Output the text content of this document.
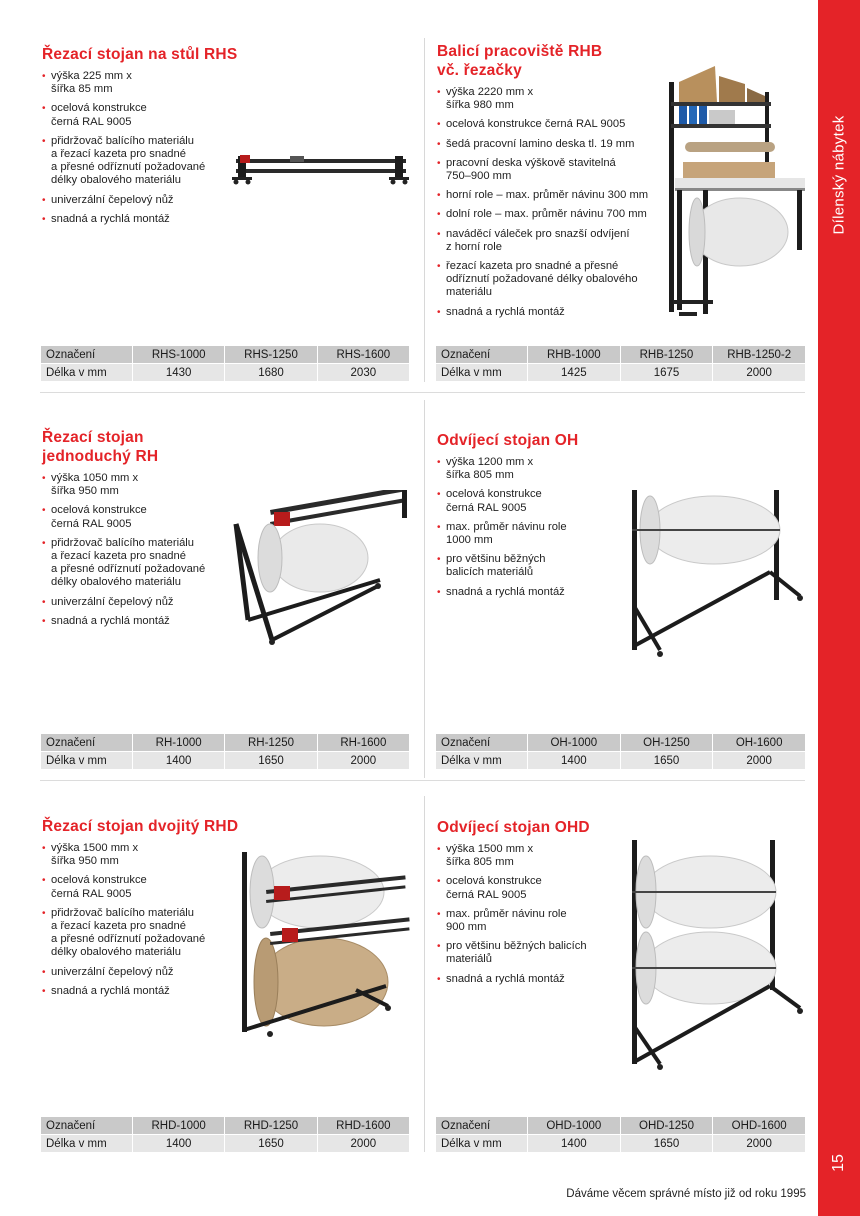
Dílenský nábytek
15
Řezací stojan na stůl RHS
• výška 225 mm x
šířka 85 mm
• ocelová konstrukce
černá RAL 9005
• přidržovač balícího materiálu
a řezací kazeta pro snadné
a přesné odříznutí požadované
délky obalového materiálu
• univerzální čepelový nůž
• snadná a rychlá montáž
Označení	RHS-1000	RHS-1250	RHS-1600
Délka v mm	1430	1680	2030
Balicí pracoviště RHB
vč. řezačky
• výška 2220 mm x
šířka 980 mm
• ocelová konstrukce černá RAL 9005
• šedá pracovní lamino deska tl. 19 mm
• pracovní deska výškově stavitelná
750–900 mm
• horní role – max. průměr návinu 300 mm
• dolní role – max. průměr návinu 700 mm
• naváděcí váleček pro snazší odvíjení
z horní role
• řezací kazeta pro snadné a přesné
odříznutí požadované délky obalového
materiálu
• snadná a rychlá montáž
Označení	RHB-1000	RHB-1250	RHB-1250-2
Délka v mm	1425	1675	2000
Řezací stojan
jednoduchý RH
• výška 1050 mm x
šířka 950 mm
• ocelová konstrukce
černá RAL 9005
• přidržovač balícího materiálu
a řezací kazeta pro snadné
a přesné odříznutí požadované
délky obalového materiálu
• univerzální čepelový nůž
• snadná a rychlá montáž
Označení	RH-1000	RH-1250	RH-1600
Délka v mm	1400	1650	2000
Odvíjecí stojan OH
• výška 1200 mm x
šířka 805 mm
• ocelová konstrukce
černá RAL 9005
• max. průměr návinu role
1000 mm
• pro většinu běžných
balicích materiálů
• snadná a rychlá montáž
Označení	OH-1000	OH-1250	OH-1600
Délka v mm	1400	1650	2000
Řezací stojan dvojitý RHD
• výška 1500 mm x
šířka 950 mm
• ocelová konstrukce
černá RAL 9005
• přidržovač balícího materiálu
a řezací kazeta pro snadné
a přesné odříznutí požadované
délky obalového materiálu
• univerzální čepelový nůž
• snadná a rychlá montáž
Označení	RHD-1000	RHD-1250	RHD-1600
Délka v mm	1400	1650	2000
Odvíjecí stojan OHD
• výška 1500 mm x
šířka 805 mm
• ocelová konstrukce
černá RAL 9005
• max. průměr návinu role
900 mm
• pro většinu běžných balicích
materiálů
• snadná a rychlá montáž
Označení	OHD-1000	OHD-1250	OHD-1600
Délka v mm	1400	1650	2000
Dáváme věcem správné místo již od roku 1995
